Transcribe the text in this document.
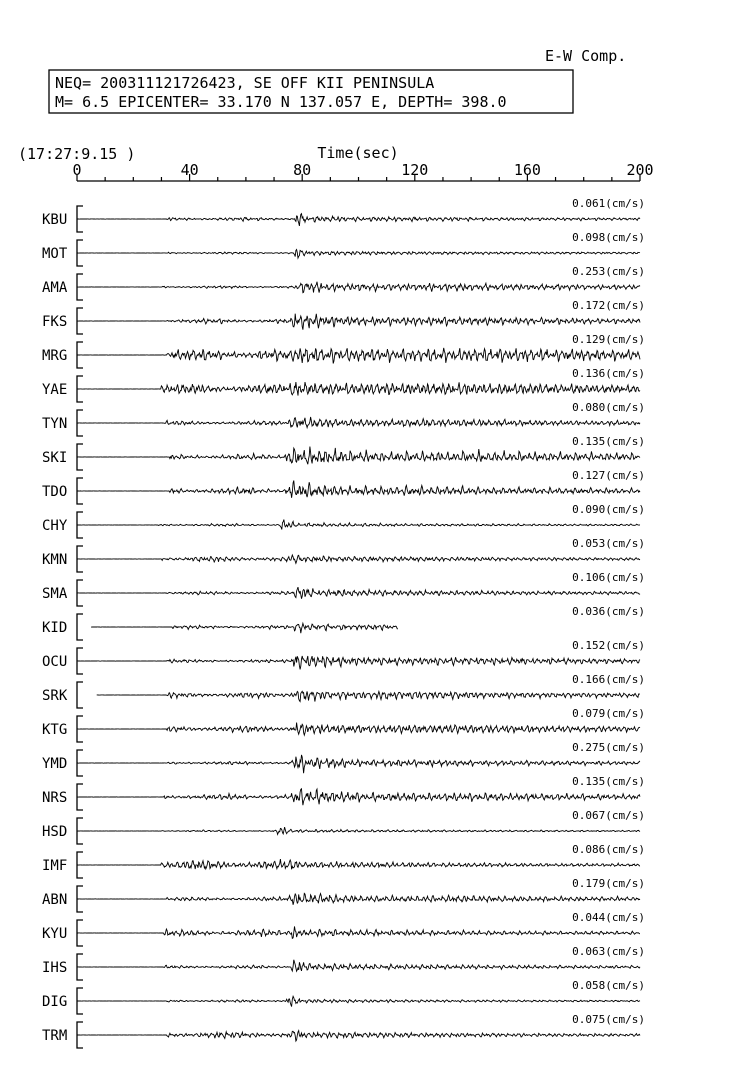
E-W Comp.
NEQ= 200311121726423, SE OFF KII PENINSULA
M= 6.5 EPICENTER= 33.170 N 137.057 E, DEPTH= 398.0
(17:27:9.15 )	Time(sec)
0	40	80	120	160	200
KBU
0.061(cm/s)
MOT
0.098(cm/s)
AMA
0.253(cm/s)
FKS
0.172(cm/s)
MRG
0.129(cm/s)
YAE
0.136(cm/s)
TYN
0.080(cm/s)
SKI
0.135(cm/s)
TDO
0.127(cm/s)
CHY
0.090(cm/s)
KMN
0.053(cm/s)
SMA
0.106(cm/s)
KID
0.036(cm/s)
OCU
0.152(cm/s)
SRK
0.166(cm/s)
KTG
0.079(cm/s)
YMD
0.275(cm/s)
NRS
0.135(cm/s)
HSD
0.067(cm/s)
IMF
0.086(cm/s)
ABN
0.179(cm/s)
KYU
0.044(cm/s)
IHS
0.063(cm/s)
DIG
0.058(cm/s)
TRM
0.075(cm/s)
